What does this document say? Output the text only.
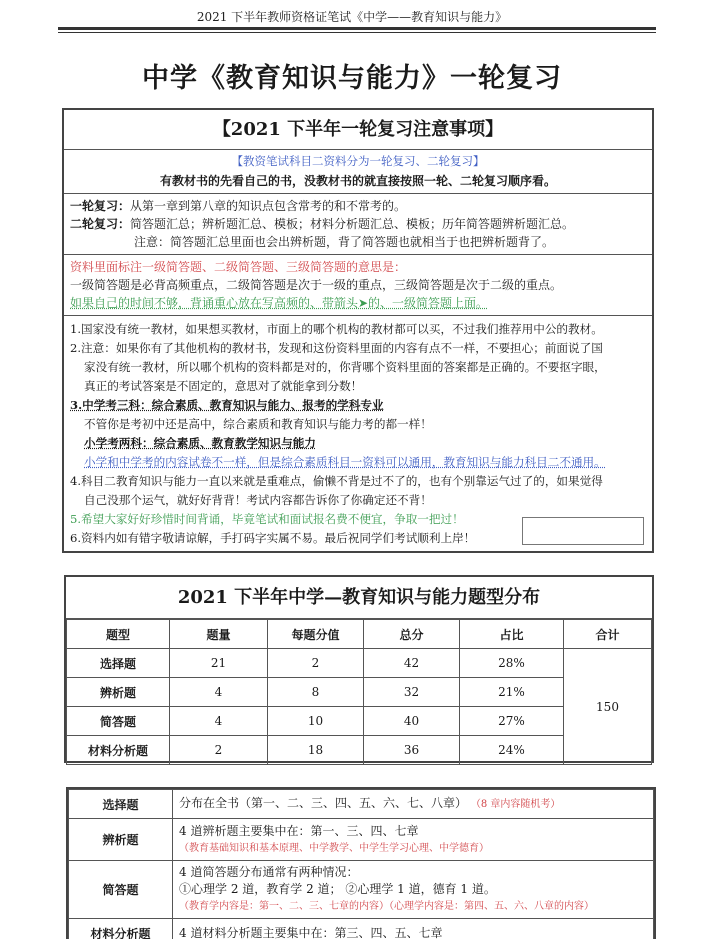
2021 下半年教师资格证笔试《中学——教育知识与能力》
中学《教育知识与能力》一轮复习
【2021 下半年一轮复习注意事项】
【教资笔试科目二资料分为一轮复习、二轮复习】
有教材书的先看自己的书，没教材书的就直接按照一轮、二轮复习顺序看。
一轮复习：从第一章到第八章的知识点包含常考的和不常考的。
二轮复习：简答题汇总；辨析题汇总、模板；材料分析题汇总、模板；历年简答题辨析题汇总。
注意：简答题汇总里面也会出辨析题，背了简答题也就相当于也把辨析题背了。
资料里面标注一级简答题、二级简答题、三级简答题的意思是：
一级简答题是必背高频重点，二级简答题是次于一级的重点，三级简答题是次于二级的重点。
如果自己的时间不够，背诵重心放在写高频的、带箭头➤的、一级简答题上面。
1.国家没有统一教材，如果想买教材，市面上的哪个机构的教材都可以买，不过我们推荐用中公的教材。
2.注意：如果你有了其他机构的教材书，发现和这份资料里面的内容有点不一样，不要担心；前面说了国
家没有统一教材，所以哪个机构的资料都是对的，你背哪个资料里面的答案都是正确的。不要抠字眼，
真正的考试答案是不固定的，意思对了就能拿到分数！
3.中学考三科：综合素质、教育知识与能力、报考的学科专业
不管你是考初中还是高中，综合素质和教育知识与能力考的都一样！
小学考两科：综合素质、教育教学知识与能力
小学和中学考的内容试卷不一样，但是综合素质科目一资料可以通用，教育知识与能力科目二不通用。
4.科目二教育知识与能力一直以来就是重难点，偷懒不背是过不了的，也有个别靠运气过了的，如果觉得
自己没那个运气，就好好背背！考试内容都告诉你了你确定还不背！
5.希望大家好好珍惜时间背诵，毕竟笔试和面试报名费不便宜，争取一把过！
6.资料内如有错字敬请谅解，手打码字实属不易。最后祝同学们考试顺利上岸！
2021 下半年中学—教育知识与能力题型分布
题型	题量	每题分值	总分	占比	合计
选择题	21	2	42	28%	150
辨析题	4	8	32	21%	
简答题	4	10	40	27%	
材料分析题	2	18	36	24%	
选择题	分布在全书（第一、二、三、四、五、六、七、八章） （8 章内容随机考）
辨析题	4 道辨析题主要集中在：第一、三、四、七章
（教育基础知识和基本原理、中学教学、中学生学习心理、中学德育）

简答题	4 道简答题分布通常有两种情况：
①心理学 2 道，教育学 2 道； ②心理学 1 道，德育 1 道。
（教育学内容是：第一、二、三、七章的内容）（心理学内容是：第四、五、六、八章的内容）

材料分析题	4 道材料分析题主要集中在：第三、四、五、七章
